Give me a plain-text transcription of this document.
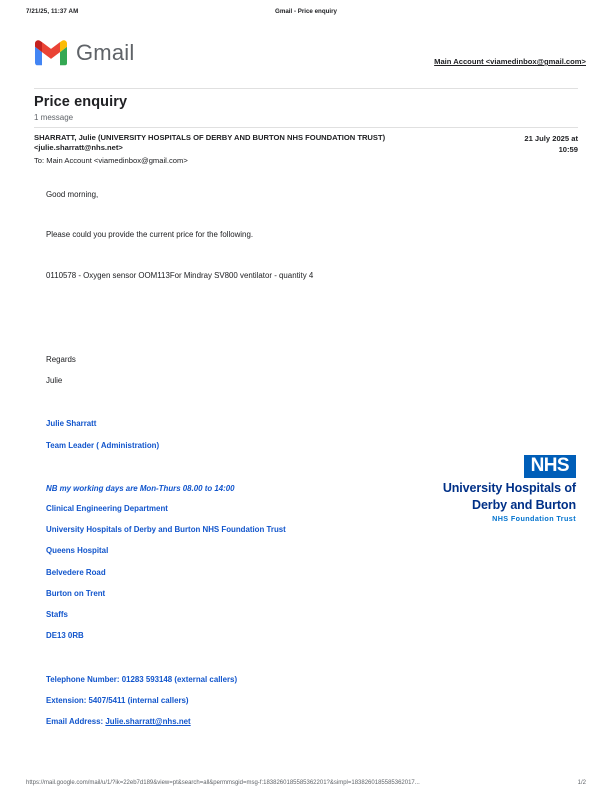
7/21/25, 11:37 AM	Gmail - Price enquiry
Gmail	Main Account <viamedinbox@gmail.com>
Price enquiry
1 message
SHARRATT, Julie (UNIVERSITY HOSPITALS OF DERBY AND BURTON NHS FOUNDATION TRUST)
<julie.sharratt@nhs.net>
To: Main Account <viamedinbox@gmail.com>
21 July 2025 at
10:59
Good morning,
Please could you provide the current price for the following.
0110578 - Oxygen sensor OOM113For Mindray SV800 ventilator - quantity 4
Regards
Julie
Julie Sharratt
Team Leader ( Administration)
NB my working days are Mon-Thurs 08.00 to 14:00
Clinical Engineering Department
University Hospitals of Derby and Burton NHS Foundation Trust
Queens Hospital
Belvedere Road
Burton on Trent
Staffs
DE13 0RB
Telephone Number: 01283 593148 (external callers)
Extension: 5407/5411 (internal callers)
Email Address: Julie.sharratt@nhs.net
NHS
University Hospitals of
Derby and Burton
NHS Foundation Trust
https://mail.google.com/mail/u/1/?ik=22eb7d189&view=pt&search=all&permmsgid=msg-f:1838260185585362201?&simpl=1838260185585362017...	1/2
